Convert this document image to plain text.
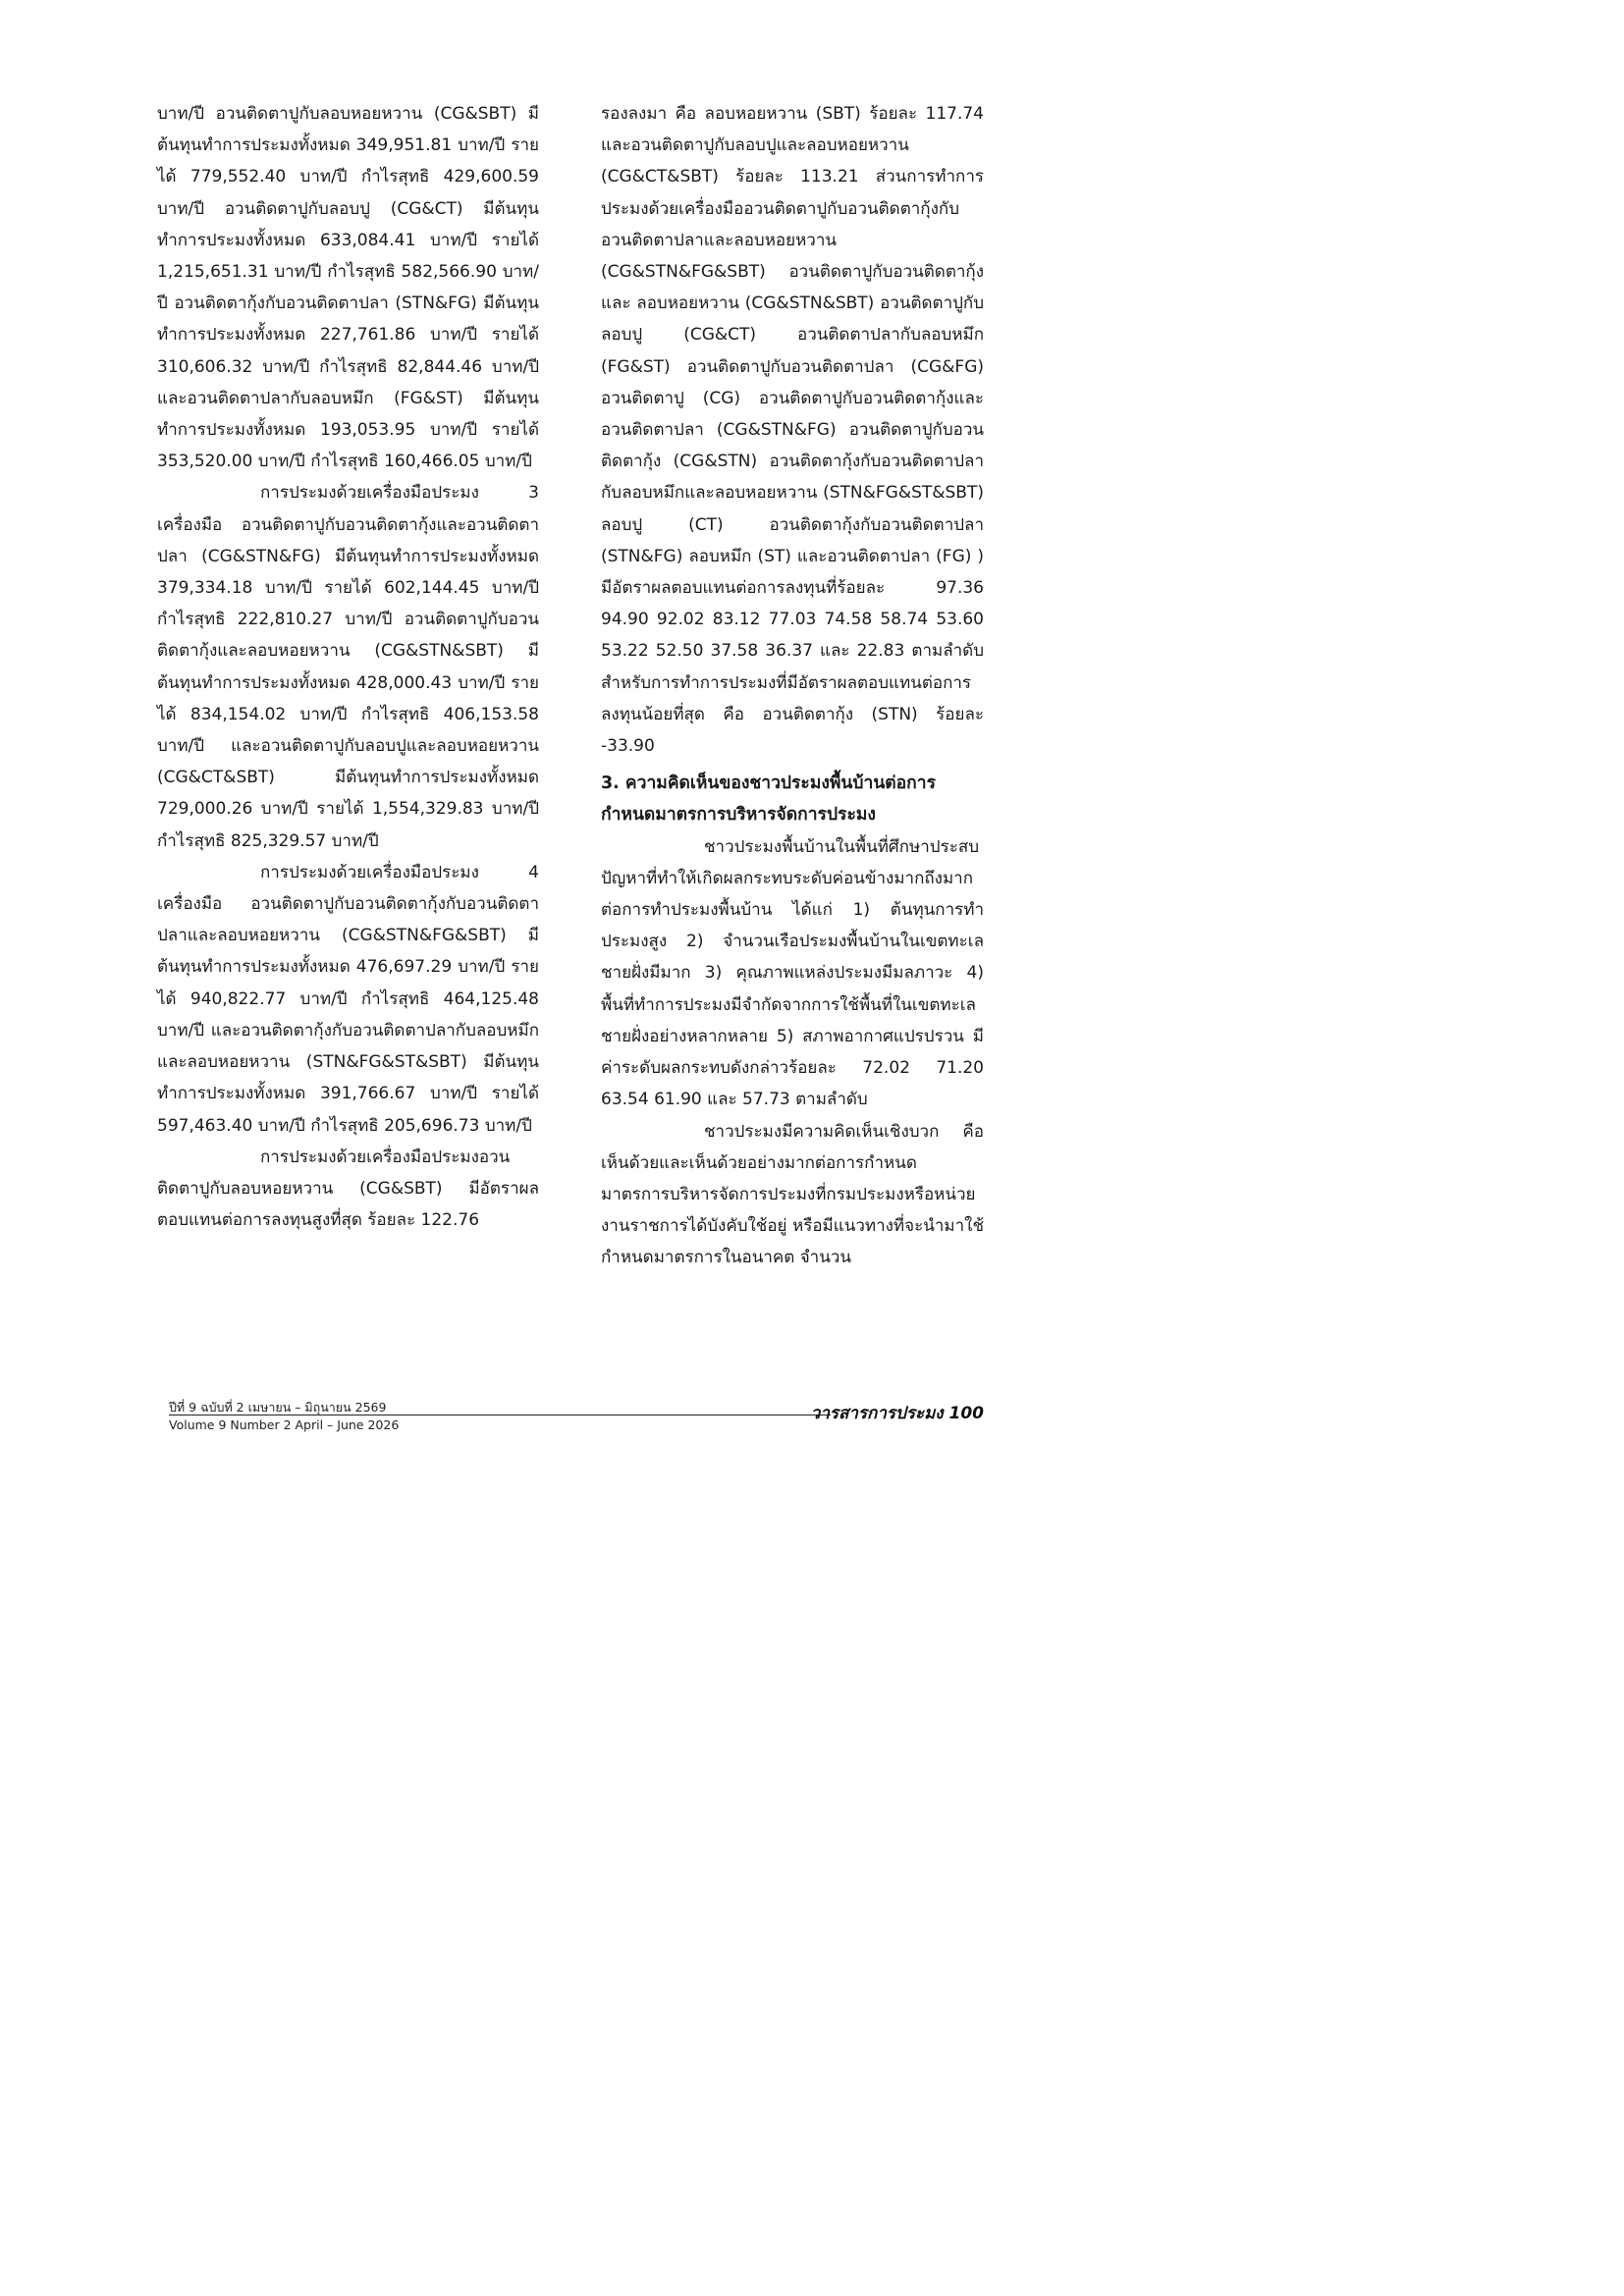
บาท/ปี อวนติดตาปูกับลอบหอยหวาน (CG&SBT) มีต้นทุนทำการประมงทั้งหมด 349,951.81 บาท/ปี รายได้ 779,552.40 บาท/ปี กำไรสุทธิ 429,600.59 บาท/ปี อวนติดตาปูกับลอบปู (CG&CT) มีต้นทุนทำการประมงทั้งหมด 633,084.41 บาท/ปี รายได้ 1,215,651.31 บาท/ปี กำไรสุทธิ 582,566.90 บาท/ปี อวนติดตากุ้งกับอวนติดตาปลา (STN&FG) มีต้นทุนทำการประมงทั้งหมด 227,761.86 บาท/ปี รายได้ 310,606.32 บาท/ปี กำไรสุทธิ 82,844.46 บาท/ปี และอวนติดตาปลากับลอบหมึก (FG&ST) มีต้นทุนทำการประมงทั้งหมด 193,053.95 บาท/ปี รายได้ 353,520.00 บาท/ปี กำไรสุทธิ 160,466.05 บาท/ปี

การประมงด้วยเครื่องมือประมง 3 เครื่องมือ อวนติดตาปูกับอวนติดตากุ้งและอวนติดตาปลา (CG&STN&FG) มีต้นทุนทำการประมงทั้งหมด 379,334.18 บาท/ปี รายได้ 602,144.45 บาท/ปี กำไรสุทธิ 222,810.27 บาท/ปี อวนติดตาปูกับอวนติดตากุ้งและลอบหอยหวาน (CG&STN&SBT) มีต้นทุนทำการประมงทั้งหมด 428,000.43 บาท/ปี รายได้ 834,154.02 บาท/ปี กำไรสุทธิ 406,153.58 บาท/ปี และอวนติดตาปูกับลอบปูและลอบหอยหวาน (CG&CT&SBT) มีต้นทุนทำการประมงทั้งหมด 729,000.26 บาท/ปี รายได้ 1,554,329.83 บาท/ปี กำไรสุทธิ 825,329.57 บาท/ปี

การประมงด้วยเครื่องมือประมง 4 เครื่องมือ อวนติดตาปูกับอวนติดตากุ้งกับอวนติดตาปลาและลอบหอยหวาน (CG&STN&FG&SBT) มีต้นทุนทำการประมงทั้งหมด 476,697.29 บาท/ปี รายได้ 940,822.77 บาท/ปี กำไรสุทธิ 464,125.48 บาท/ปี และอวนติดตากุ้งกับอวนติดตาปลากับลอบหมึกและลอบหอยหวาน (STN&FG&ST&SBT) มีต้นทุนทำการประมงทั้งหมด 391,766.67 บาท/ปี รายได้ 597,463.40 บาท/ปี กำไรสุทธิ 205,696.73 บาท/ปี

การประมงด้วยเครื่องมือประมงอวนติดตาปูกับลอบหอยหวาน (CG&SBT) มีอัตราผลตอบแทนต่อการลงทุนสูงที่สุด ร้อยละ 122.76

รองลงมา คือ ลอบหอยหวาน (SBT) ร้อยละ 117.74 และอวนติดตาปูกับลอบปูและลอบหอยหวาน (CG&CT&SBT) ร้อยละ 113.21 ส่วนการทำการประมงด้วยเครื่องมืออวนติดตาปูกับอวนติดตากุ้งกับอวนติดตาปลาและลอบหอยหวาน (CG&STN&FG&SBT) อวนติดตาปูกับอวนติดตากุ้งและ ลอบหอยหวาน (CG&STN&SBT) อวนติดตาปูกับลอบปู (CG&CT) อวนติดตาปลากับลอบหมึก (FG&ST) อวนติดตาปูกับอวนติดตาปลา (CG&FG) อวนติดตาปู (CG) อวนติดตาปูกับอวนติดตากุ้งและอวนติดตาปลา (CG&STN&FG) อวนติดตาปูกับอวนติดตากุ้ง (CG&STN) อวนติดตากุ้งกับอวนติดตาปลากับลอบหมึกและลอบหอยหวาน (STN&FG&ST&SBT) ลอบปู (CT) อวนติดตากุ้งกับอวนติดตาปลา (STN&FG) ลอบหมึก (ST) และอวนติดตาปลา (FG) ) มีอัตราผลตอบแทนต่อการลงทุนที่ร้อยละ 97.36 94.90 92.02 83.12 77.03 74.58 58.74 53.60 53.22 52.50 37.58 36.37 และ 22.83 ตามลำดับ สำหรับการทำการประมงที่มีอัตราผลตอบแทนต่อการลงทุนน้อยที่สุด คือ อวนติดตากุ้ง (STN) ร้อยละ -33.90

3. ความคิดเห็นของชาวประมงพื้นบ้านต่อการกำหนดมาตรการบริหารจัดการประมง

ชาวประมงพื้นบ้านในพื้นที่ศึกษาประสบปัญหาที่ทำให้เกิดผลกระทบระดับค่อนข้างมากถึงมากต่อการทำประมงพื้นบ้าน ได้แก่ 1) ต้นทุนการทำประมงสูง 2) จำนวนเรือประมงพื้นบ้านในเขตทะเลชายฝั่งมีมาก 3) คุณภาพแหล่งประมงมีมลภาวะ 4) พื้นที่ทำการประมงมีจำกัดจากการใช้พื้นที่ในเขตทะเลชายฝั่งอย่างหลากหลาย 5) สภาพอากาศแปรปรวน มีค่าระดับผลกระทบดังกล่าวร้อยละ 72.02 71.20 63.54 61.90 และ 57.73 ตามลำดับ

ชาวประมงมีความคิดเห็นเชิงบวก คือ เห็นด้วยและเห็นด้วยอย่างมากต่อการกำหนดมาตรการบริหารจัดการประมงที่กรมประมงหรือหน่วยงานราชการได้บังคับใช้อยู่ หรือมีแนวทางที่จะนำมาใช้กำหนดมาตรการในอนาคต จำนวน

ปีที่ 9 ฉบับที่ 2 เมษายน – มิถุนายน 2569
Volume 9 Number 2 April – June 2026
วารสารการประมง 100
